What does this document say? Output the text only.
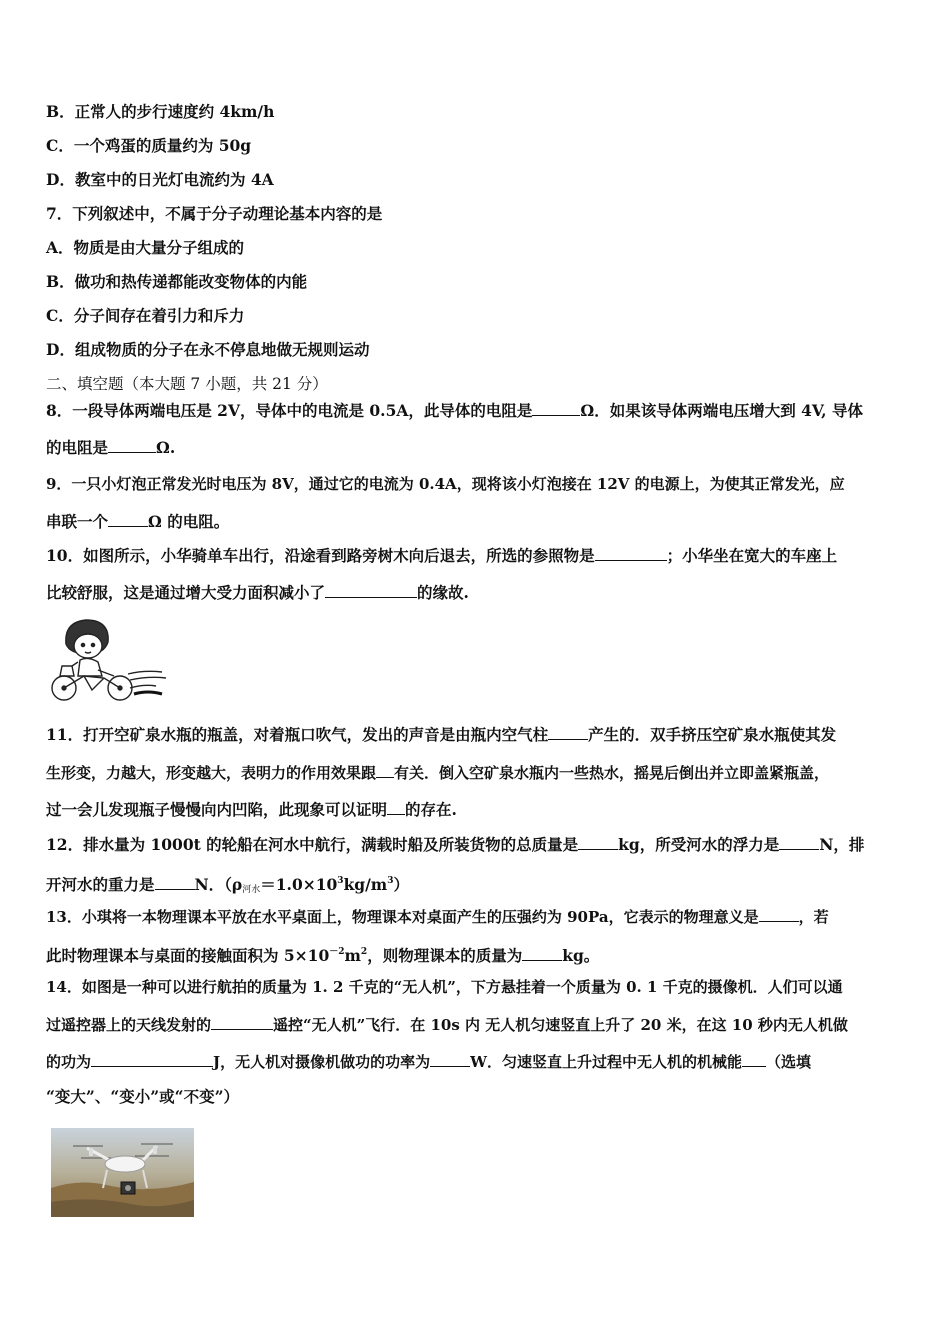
B．正常人的步行速度约 4km/h
C．一个鸡蛋的质量约为 50g
D．教室中的日光灯电流约为 4A
7．下列叙述中，不属于分子动理论基本内容的是
A．物质是由大量分子组成的
B．做功和热传递都能改变物体的内能
C．分子间存在着引力和斥力
D．组成物质的分子在永不停息地做无规则运动
二、填空题（本大题 7 小题，共 21 分）
8．一段导体两端电压是 2V，导体中的电流是 0.5A，此导体的电阻是	Ω．如果该导体两端电压增大到 4V, 导体
的电阻是	Ω.
9．一只小灯泡正常发光时电压为 8V，通过它的电流为 0.4A，现将该小灯泡接在 12V 的电源上，为使其正常发光，应
串联一个	Ω 的电阻。
10．如图所示，小华骑单车出行，沿途看到路旁树木向后退去，所选的参照物是	；小华坐在宽大的车座上
比较舒服，这是通过增大受力面积减小了	的缘故.
11．打开空矿泉水瓶的瓶盖，对着瓶口吹气，发出的声音是由瓶内空气柱	产生的．双手挤压空矿泉水瓶使其发
生形变，力越大，形变越大，表明力的作用效果跟 有关．倒入空矿泉水瓶内一些热水，摇晃后倒出并立即盖紧瓶盖，
过一会儿发现瓶子慢慢向内凹陷，此现象可以证明 的存在.
12．排水量为 1000t 的轮船在河水中航行，满载时船及所装货物的总质量是	kg，所受河水的浮力是	N，排
开河水的重力是	N．$(\rho_{河水}=1.0\times 10^3kg/m^3)$
13．小琪将一本物理课本平放在水平桌面上，物理课本对桌面产生的压强约为 90Pa，它表示的物理意义是	，若
此时物理课本与桌面的接触面积为 $5\times 10^{-2}m^2$，则物理课本的质量为	kg。
14．如图是一种可以进行航拍的质量为 1. 2 千克的“无人机”，下方悬挂着一个质量为 0. 1 千克的摄像机．人们可以通
过遥控器上的天线发射的	遥控“无人机”飞行．在 10s 内 无人机匀速竖直上升了 20 米，在这 10 秒内无人机做
的功为	J，无人机对摄像机做功的功率为	W．匀速竖直上升过程中无人机的机械能 （选填
“变大”、“变小”或“不变”）
